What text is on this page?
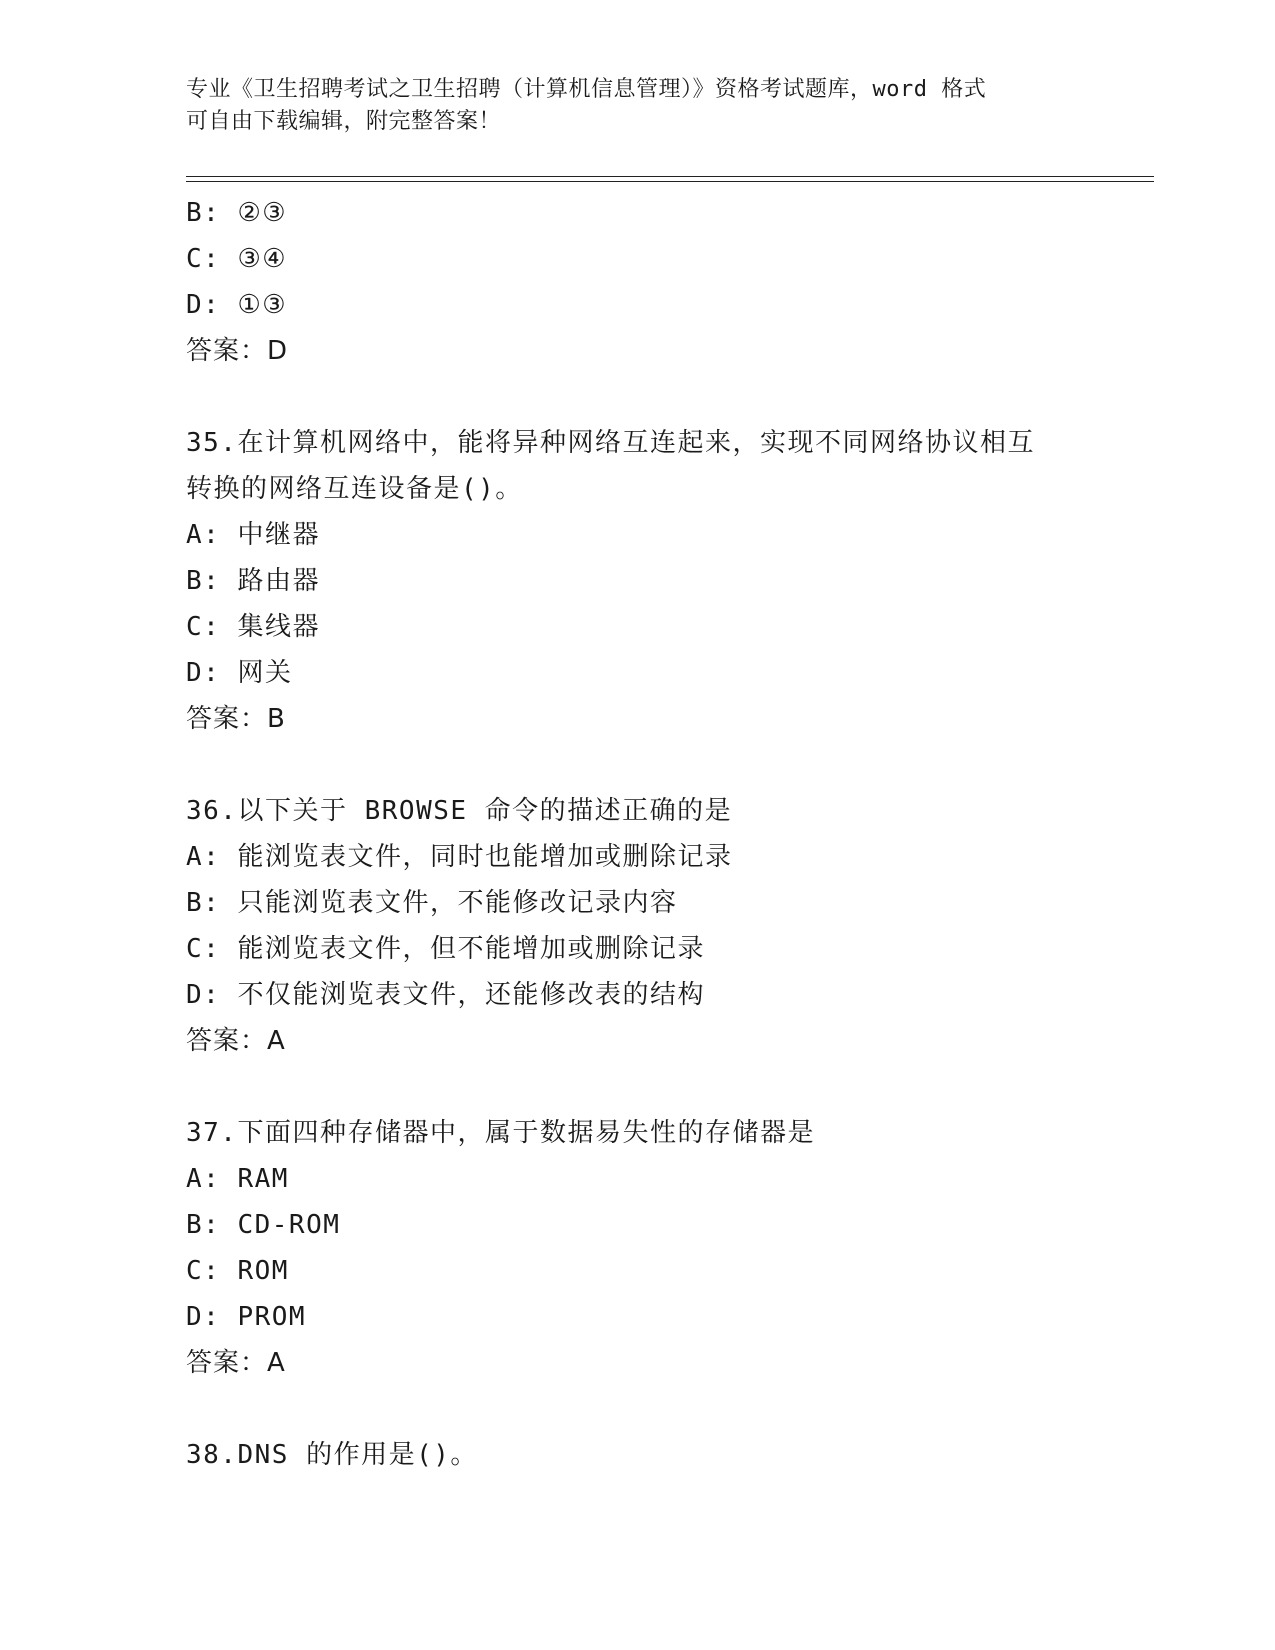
专业《卫生招聘考试之卫生招聘（计算机信息管理）》资格考试题库，word 格式
可自由下载编辑，附完整答案！
B: ②③
C: ③④
D: ①③
答案：D
35.在计算机网络中，能将异种网络互连起来，实现不同网络协议相互
转换的网络互连设备是()。
A: 中继器
B: 路由器
C: 集线器
D: 网关
答案：B
36.以下关于 BROWSE 命令的描述正确的是
A: 能浏览表文件，同时也能增加或删除记录
B: 只能浏览表文件，不能修改记录内容
C: 能浏览表文件，但不能增加或删除记录
D: 不仅能浏览表文件，还能修改表的结构
答案：A
37.下面四种存储器中，属于数据易失性的存储器是
A: RAM
B: CD-ROM
C: ROM
D: PROM
答案：A
38.DNS 的作用是()。
